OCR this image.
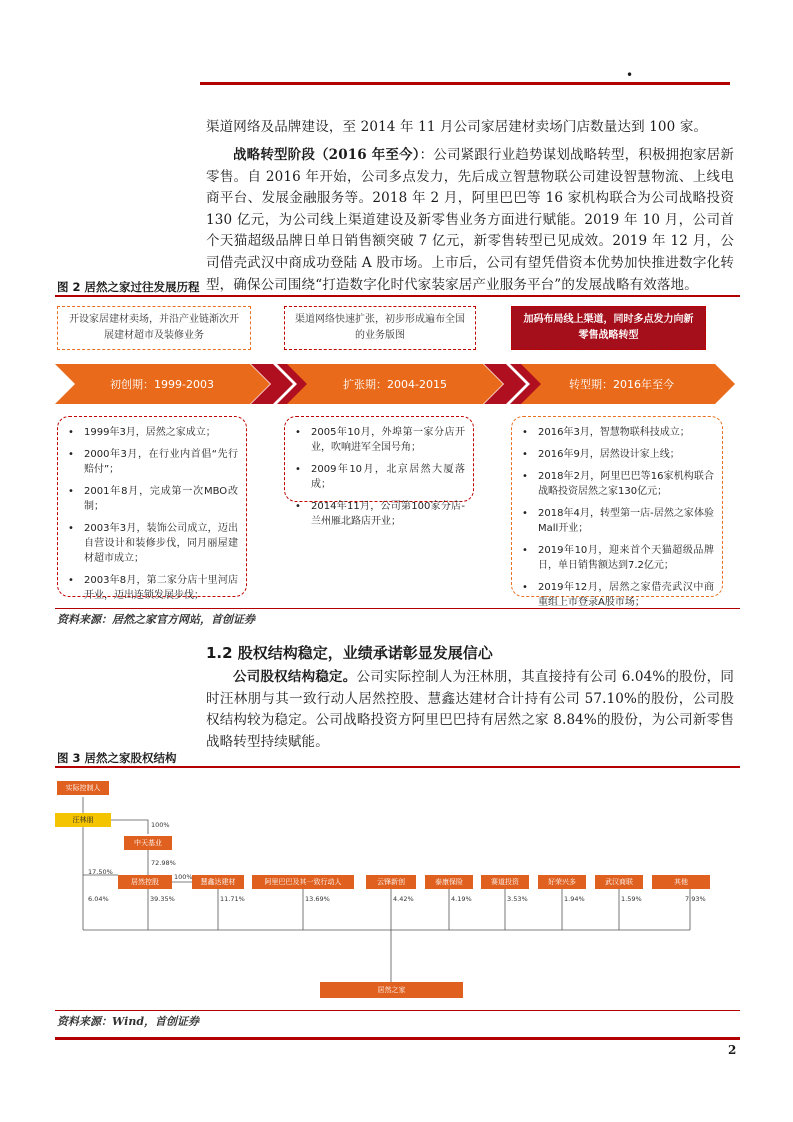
•
渠道网络及品牌建设，至 2014 年 11 月公司家居建材卖场门店数量达到 100 家。
战略转型阶段（2016 年至今）：公司紧跟行业趋势谋划战略转型，积极拥抱家居新零售。自 2016 年开始，公司多点发力，先后成立智慧物联公司建设智慧物流、上线电商平台、发展金融服务等。2018 年 2 月，阿里巴巴等 16 家机构联合为公司战略投资 130 亿元，为公司线上渠道建设及新零售业务方面进行赋能。2019 年 10 月，公司首个天猫超级品牌日单日销售额突破 7 亿元，新零售转型已见成效。2019 年 12 月，公司借壳武汉中商成功登陆 A 股市场。上市后，公司有望凭借资本优势加快推进数字化转型，确保公司围绕“打造数字化时代家装家居产业服务平台”的发展战略有效落地。
图 2 居然之家过往发展历程
开设家居建材卖场，并沿产业链渐次开展建材超市及装修业务
渠道网络快速扩张，初步形成遍布全国的业务版图
加码布局线上渠道，同时多点发力向新零售战略转型
初创期：1999-2003	扩张期：2004-2015	转型期：2016年至今
• 1999年3月，居然之家成立；
• 2000年3月，在行业内首倡“先行赔付”；
• 2001年8月，完成第一次MBO改制；
• 2003年3月，装饰公司成立，迈出自营设计和装修步伐，同月丽屋建材超市成立；
• 2003年8月，第二家分店十里河店开业，迈出连锁发展步伐；
• 2005年10月，外埠第一家分店开业，吹响进军全国号角；
• 2009年10月，北京居然大厦落成；
• 2014年11月，公司第100家分店-兰州雁北路店开业；
• 2016年3月，智慧物联科技成立；
• 2016年9月，居然设计家上线；
• 2018年2月，阿里巴巴等16家机构联合战略投资居然之家130亿元；
• 2018年4月，转型第一店-居然之家体验Mall开业；
• 2019年10月，迎来首个天猫超级品牌日，单日销售额达到7.2亿元；
• 2019年12月，居然之家借壳武汉中商重组上市登录A股市场；
资料来源：居然之家官方网站，首创证券
1.2 股权结构稳定，业绩承诺彰显发展信心
公司股权结构稳定。公司实际控制人为汪林朋，其直接持有公司 6.04%的股份，同时汪林朋与其一致行动人居然控股、慧鑫达建材合计持有公司 57.10%的股份，公司股权结构较为稳定。公司战略投资方阿里巴巴持有居然之家 8.84%的股份，为公司新零售战略转型持续赋能。
图 3 居然之家股权结构
实际控制人
汪林朋
中天基业
居然控股	慧鑫达建材	阿里巴巴及其一致行动人	云锋新创	泰康保险	赛道投资	好荣兴多	武汉商联	其他
居然之家
100%
72.98%
17.50%
100%
6.04%	39.35%	11.71%	13.69%	4.42%	4.19%	3.53%	1.94%	1.59%	7.93%
资料来源：Wind，首创证券
2
